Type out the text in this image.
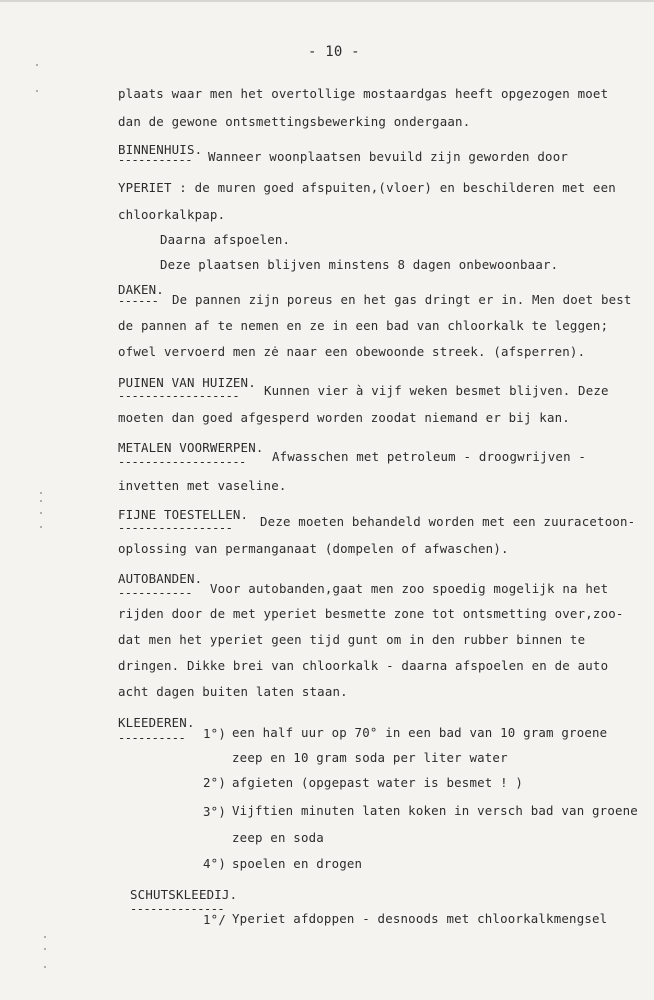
- 10 -
plaats waar men het overtollige mostaardgas heeft opgezogen moet
dan de gewone ontsmettingsbewerking ondergaan.
BINNENHUIS.
----------- Wanneer woonplaatsen bevuild zijn geworden door
YPERIET : de muren goed afspuiten,(vloer) en beschilderen met een
chloorkalkpap.
Daarna afspoelen.
Deze plaatsen blijven minstens 8 dagen onbewoonbaar.
DAKEN.
------ De pannen zijn poreus en het gas dringt er in. Men doet best
de pannen af te nemen en ze in een bad van chloorkalk te leggen;
ofwel vervoerd men zė naar een obewoonde streek. (afsperren).
PUINEN VAN HUIZEN.
------------------ Kunnen vier à vijf weken besmet blijven. Deze
moeten dan goed afgesperd worden zoodat niemand er bij kan.
METALEN VOORWERPEN.
------------------- Afwasschen met petroleum - droogwrijven -
invetten met vaseline.
FIJNE TOESTELLEN.
----------------- Deze moeten behandeld worden met een zuuracetoon-
oplossing van permanganaat (dompelen of afwaschen).
AUTOBANDEN.
----------- Voor autobanden,gaat men zoo spoedig mogelijk na het
rijden door de met yperiet besmette zone tot ontsmetting over,zoo-
dat men het yperiet geen tijd gunt om in den rubber binnen te
dringen. Dikke brei van chloorkalk - daarna afspoelen en de auto
acht dagen buiten laten staan.
KLEEDEREN.
---------- 1°) een half uur op 70° in een bad van 10 gram groene
zeep en 10 gram soda per liter water
2°) afgieten (opgepast water is besmet ! )
3°) Vijftien minuten laten koken in versch bad van groene
zeep en soda
4°) spoelen en drogen
SCHUTSKLEEDIJ.
--------------
1°/ Yperiet afdoppen - desnoods met chloorkalkmengsel
